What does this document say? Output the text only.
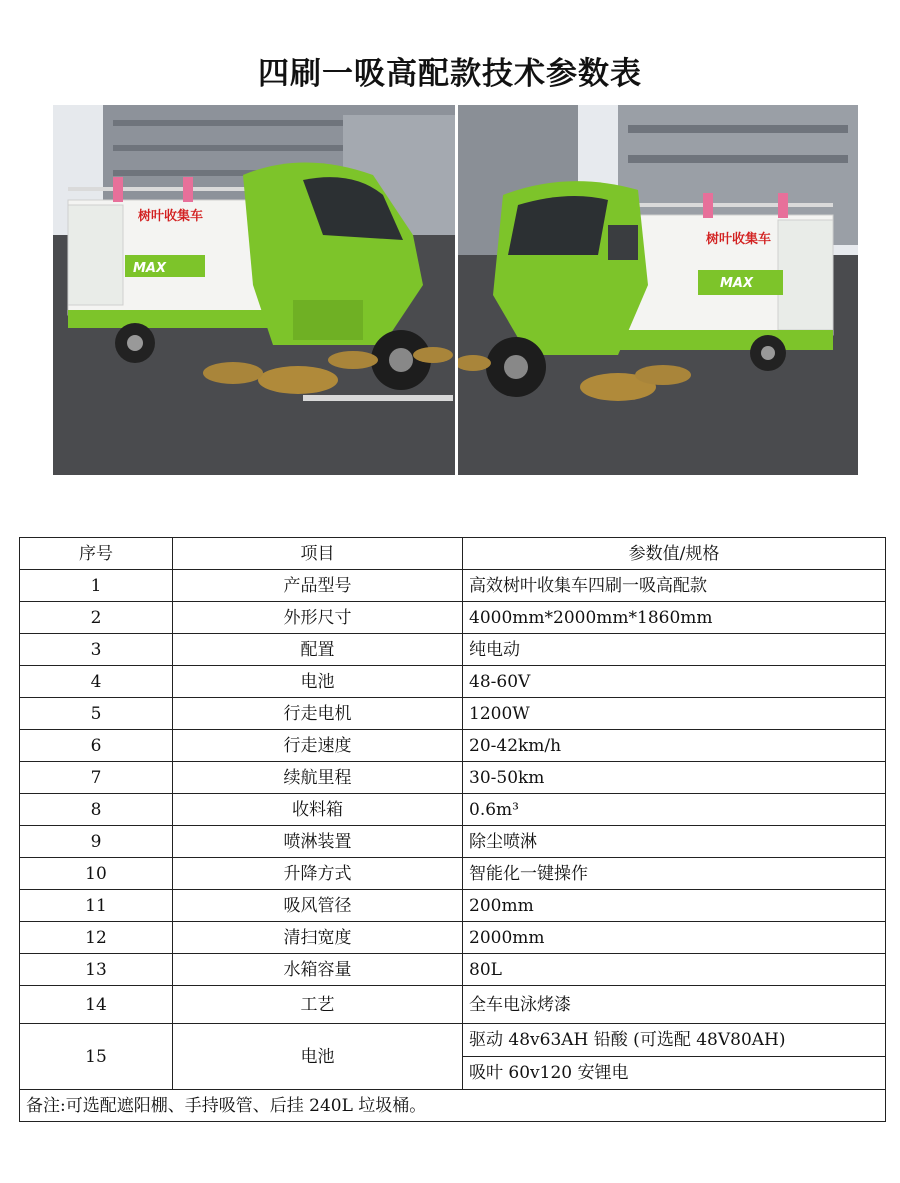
四刷一吸高配款技术参数表
树叶收集车
MAX
树叶收集车
MAX
序号	项目	参数值/规格
1	产品型号	高效树叶收集车四刷一吸高配款
2	外形尺寸	4000mm*2000mm*1860mm
3	配置	纯电动
4	电池	48-60V
5	行走电机	1200W
6	行走速度	20-42km/h
7	续航里程	30-50km
8	收料箱	0.6m³
9	喷淋装置	除尘喷淋
10	升降方式	智能化一键操作
11	吸风管径	200mm
12	清扫宽度	2000mm
13	水箱容量	80L
14	工艺	全车电泳烤漆
15	电池	驱动 48v63AH 铅酸 (可选配 48V80AH)
		吸叶 60v120 安锂电
备注:可选配遮阳棚、手持吸管、后挂 240L 垃圾桶。		
